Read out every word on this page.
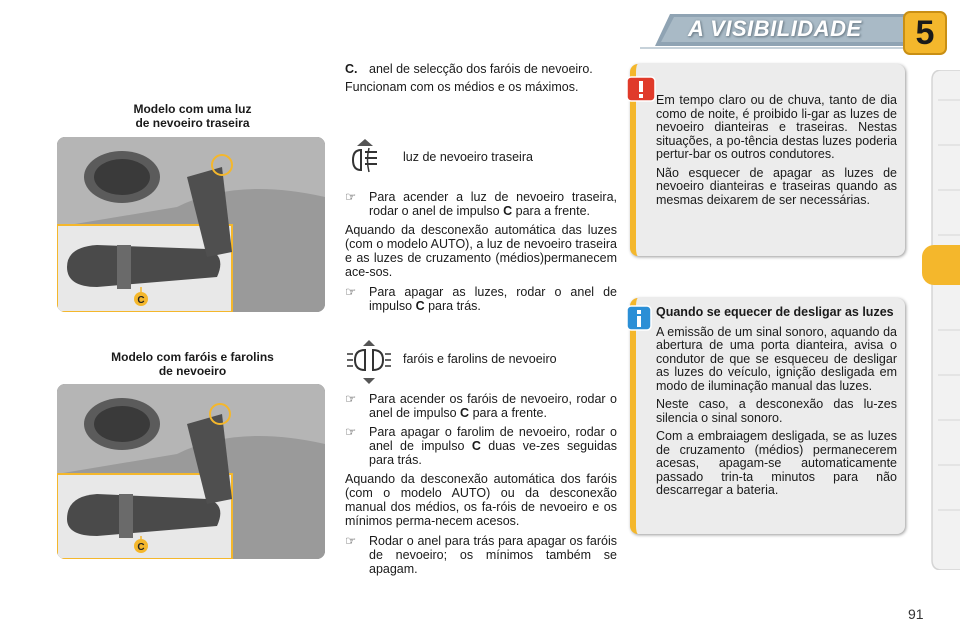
A VISIBILIDADE	5
Modelo com uma luz
de nevoeiro traseira
C
Modelo com faróis e farolins
de nevoeiro
C
C. anel de selecção dos faróis de nevoeiro.

Funcionam com os médios e os máximos.

luz de nevoeiro traseira
☞	Para acender a luz de nevoeiro traseira, rodar o anel de impulso C para a frente.

Aquando da desconexão automática das luzes (com o modelo AUTO), a luz de nevoeiro traseira e as luzes de cruzamento (médios)permanecem ace-sos.

☞	Para apagar as luzes, rodar o anel de impulso C para trás.
faróis e farolins de nevoeiro
☞	Para acender os faróis de nevoeiro, rodar o anel de impulso C para a frente.
☞	Para apagar o farolim de nevoeiro, rodar o anel de impulso C duas ve-zes seguidas para trás.

Aquando da desconexão automática dos faróis (com o modelo AUTO) ou da desconexão manual dos médios, os fa-róis de nevoeiro e os mínimos perma-necem acesos.

☞	Rodar o anel para trás para apagar os faróis de nevoeiro; os mínimos também se apagam.

Em tempo claro ou de chuva, tanto de dia como de noite, é proibido li-gar as luzes de nevoeiro dianteiras e traseiras. Nestas situações, a po-tência destas luzes poderia pertur-bar os outros condutores.

Não esquecer de apagar as luzes de nevoeiro dianteiras e traseiras quando as mesmas deixarem de ser necessárias.

Quando se equecer de desligar as luzes

A emissão de um sinal sonoro, aquando da abertura de uma porta dianteira, avisa o condutor de que se esqueceu de desligar as luzes do veículo, ignição desligada em modo de iluminação manual das luzes.

Neste caso, a desconexão das lu-zes silencia o sinal sonoro.

Com a embraiagem desligada, se as luzes de cruzamento (médios) permanecerem acesas, apagam-se automaticamente passado trin-ta minutos para não descarregar a bateria.

91
